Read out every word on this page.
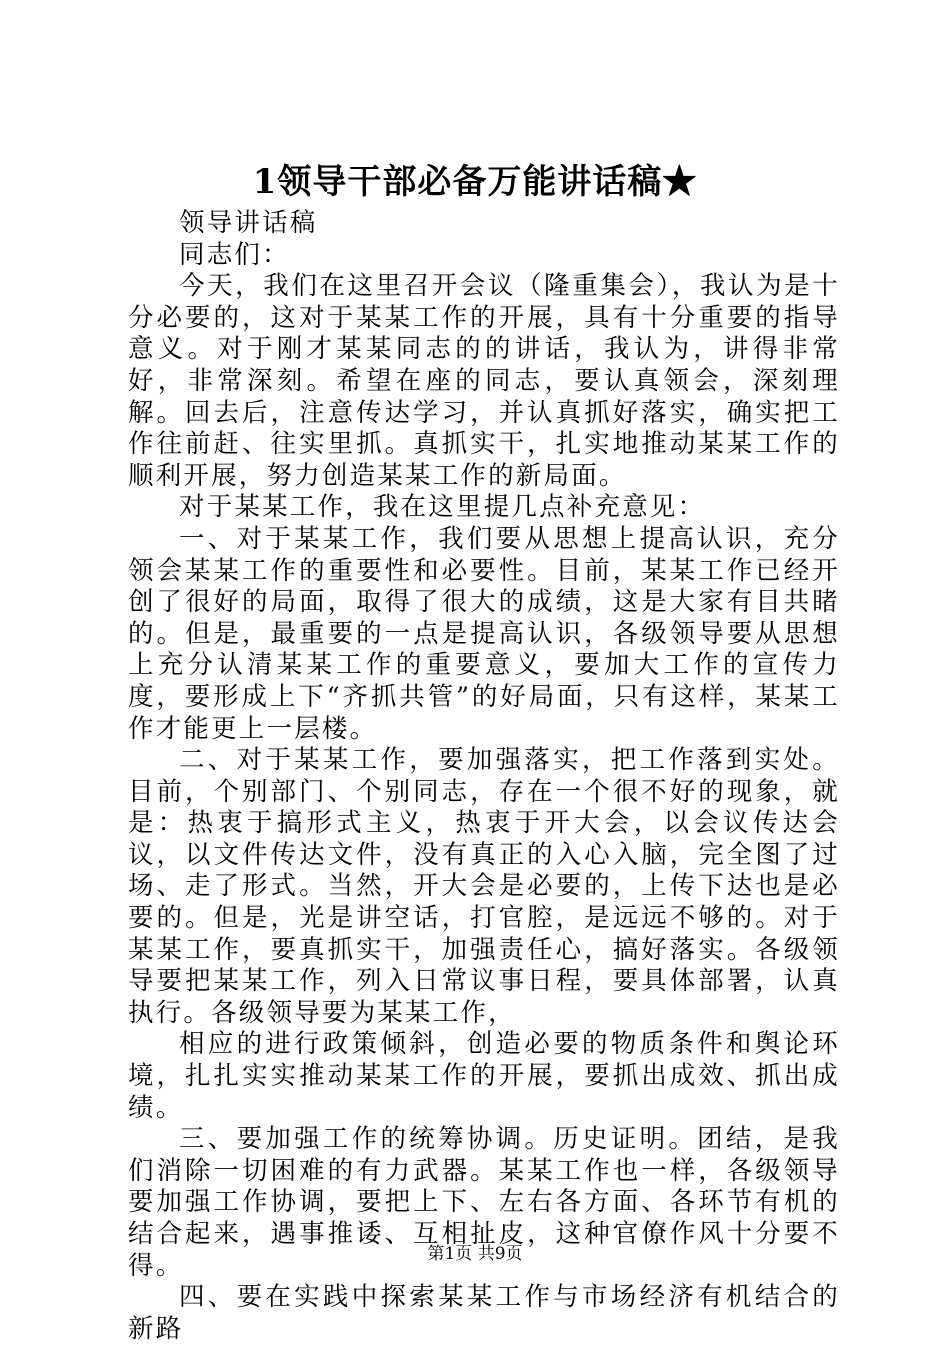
1领导干部必备万能讲话稿★

领导讲话稿

同志们：

今天，我们在这里召开会议（隆重集会），我认为是十分必要的，这对于某某工作的开展，具有十分重要的指导意义。对于刚才某某同志的的讲话，我认为，讲得非常好，非常深刻。希望在座的同志，要认真领会，深刻理解。回去后，注意传达学习，并认真抓好落实，确实把工作往前赶、往实里抓。真抓实干，扎实地推动某某工作的顺利开展，努力创造某某工作的新局面。

对于某某工作，我在这里提几点补充意见：

一、对于某某工作，我们要从思想上提高认识，充分领会某某工作的重要性和必要性。目前，某某工作已经开创了很好的局面，取得了很大的成绩，这是大家有目共睹的。但是，最重要的一点是提高认识，各级领导要从思想上充分认清某某工作的重要意义，要加大工作的宣传力度，要形成上下“齐抓共管”的好局面，只有这样，某某工作才能更上一层楼。

二、对于某某工作，要加强落实，把工作落到实处。目前，个别部门、个别同志，存在一个很不好的现象，就是：热衷于搞形式主义，热衷于开大会，以会议传达会议，以文件传达文件，没有真正的入心入脑，完全图了过场、走了形式。当然，开大会是必要的，上传下达也是必要的。但是，光是讲空话，打官腔，是远远不够的。对于某某工作，要真抓实干，加强责任心，搞好落实。各级领导要把某某工作，列入日常议事日程，要具体部署，认真执行。各级领导要为某某工作，

相应的进行政策倾斜，创造必要的物质条件和舆论环境，扎扎实实推动某某工作的开展，要抓出成效、抓出成绩。

三、要加强工作的统筹协调。历史证明。团结，是我们消除一切困难的有力武器。某某工作也一样，各级领导要加强工作协调，要把上下、左右各方面、各环节有机的结合起来，遇事推诿、互相扯皮，这种官僚作风十分要不得。

四、要在实践中探索某某工作与市场经济有机结合的新路

第1页 共9页
